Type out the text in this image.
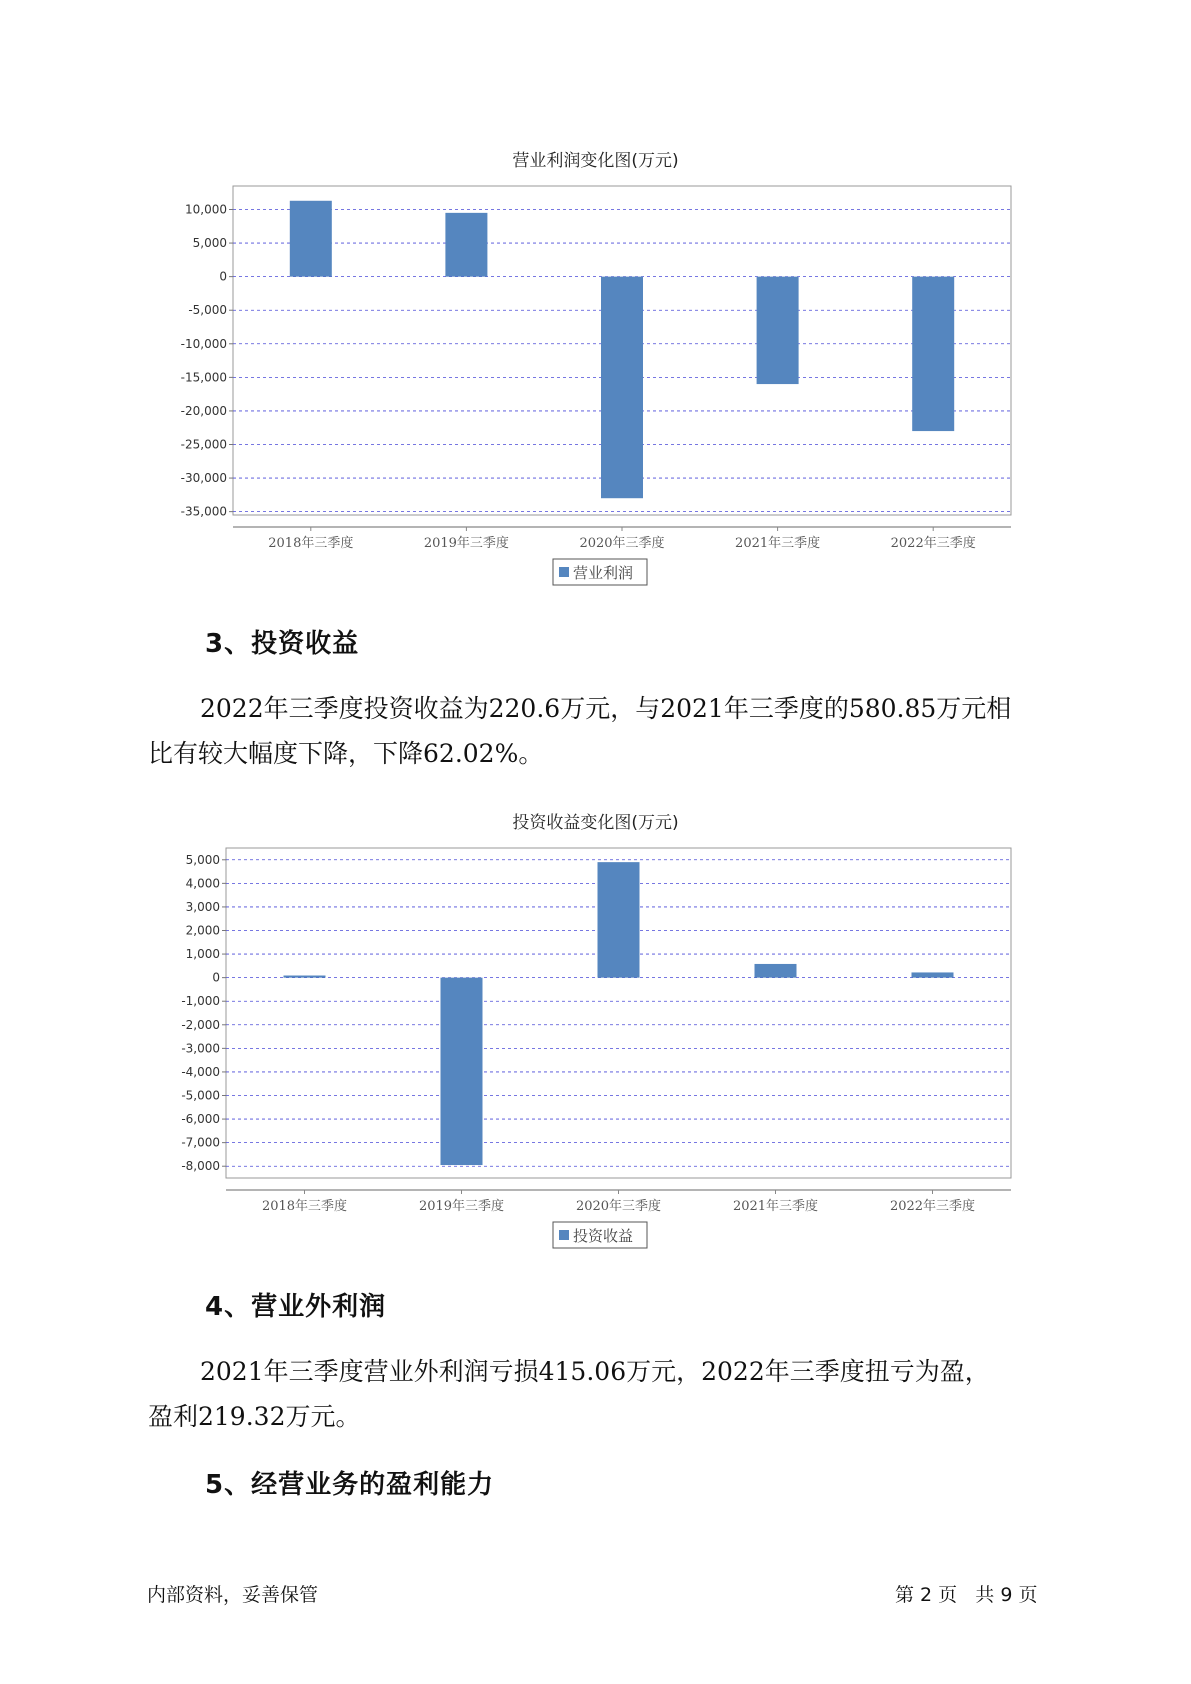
营业利润变化图(万元)
10,000
5,000
0
-5,000
-10,000
-15,000
-20,000
-25,000
-30,000
-35,000
2018年三季度	2019年三季度	2020年三季度	2021年三季度	2022年三季度
营业利润
3、投资收益
2022年三季度投资收益为220.6万元，与2021年三季度的580.85万元相
比有较大幅度下降，下降62.02%。
投资收益变化图(万元)
5,000
4,000
3,000
2,000
1,000
0
-1,000
-2,000
-3,000
-4,000
-5,000
-6,000
-7,000
-8,000
2018年三季度	2019年三季度	2020年三季度	2021年三季度	2022年三季度
投资收益
4、营业外利润
2021年三季度营业外利润亏损415.06万元，2022年三季度扭亏为盈，
盈利219.32万元。
5、经营业务的盈利能力
内部资料，妥善保管	第 2 页   共 9 页
